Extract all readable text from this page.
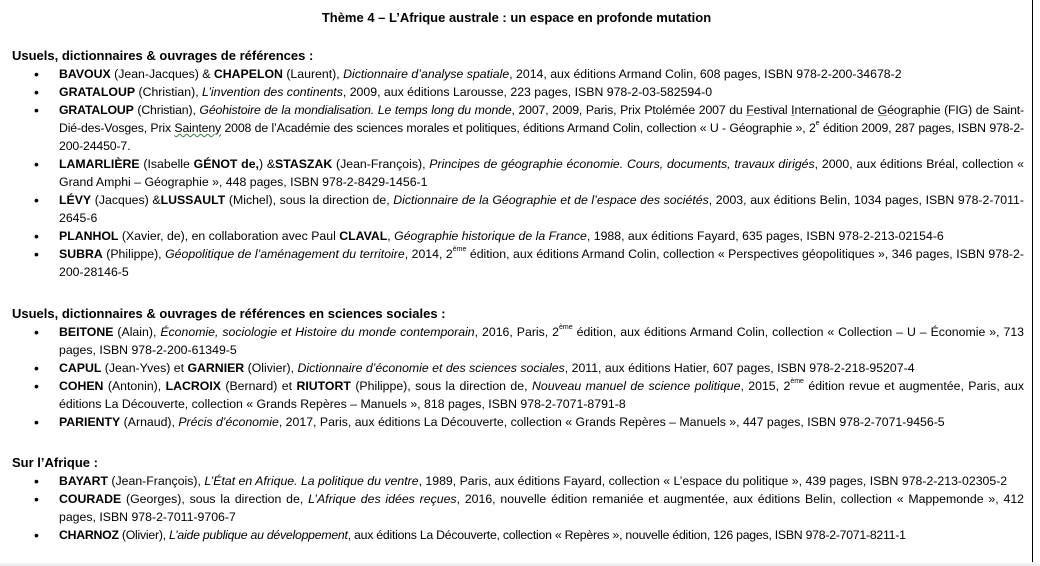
Thème 4 – L’Afrique australe : un espace en profonde mutation
Usuels, dictionnaires & ouvrages de références :
• BAVOUX (Jean-Jacques) & CHAPELON (Laurent), Dictionnaire d’analyse spatiale, 2014, aux éditions Armand Colin, 608 pages, ISBN 978-2-200-34678-2
• GRATALOUP (Christian), L’invention des continents, 2009, aux éditions Larousse, 223 pages, ISBN 978-2-03-582594-0
• GRATALOUP (Christian), Géohistoire de la mondialisation. Le temps long du monde, 2007, 2009, Paris, Prix Ptolémée 2007 du Festival International de Géographie (FIG) de Saint-Dié-des-Vosges, Prix Sainteny 2008 de l’Académie des sciences morales et politiques, éditions Armand Colin, collection « U - Géographie », 2e édition 2009, 287 pages, ISBN 978-2-200-24450-7.
• LAMARLIÈRE (Isabelle GÉNOT de,) &STASZAK (Jean-François), Principes de géographie économie. Cours, documents, travaux dirigés, 2000, aux éditions Bréal, collection « Grand Amphi – Géographie », 448 pages, ISBN 978-2-8429-1456-1
• LÉVY (Jacques) &LUSSAULT (Michel), sous la direction de, Dictionnaire de la Géographie et de l’espace des sociétés, 2003, aux éditions Belin, 1034 pages, ISBN 978-2-7011-2645-6
• PLANHOL (Xavier, de), en collaboration avec Paul CLAVAL, Géographie historique de la France, 1988, aux éditions Fayard, 635 pages, ISBN 978-2-213-02154-6
• SUBRA (Philippe), Géopolitique de l’aménagement du territoire, 2014, 2ème édition, aux éditions Armand Colin, collection « Perspectives géopolitiques », 346 pages, ISBN 978-2-200-28146-5
Usuels, dictionnaires & ouvrages de références en sciences sociales :
• BEITONE (Alain), Économie, sociologie et Histoire du monde contemporain, 2016, Paris, 2ème édition, aux éditions Armand Colin, collection « Collection – U – Économie », 713 pages, ISBN 978-2-200-61349-5
• CAPUL (Jean-Yves) et GARNIER (Olivier), Dictionnaire d’économie et des sciences sociales, 2011, aux éditions Hatier, 607 pages, ISBN 978-2-218-95207-4
• COHEN (Antonin), LACROIX (Bernard) et RIUTORT (Philippe), sous la direction de, Nouveau manuel de science politique, 2015, 2ème édition revue et augmentée, Paris, aux éditions La Découverte, collection « Grands Repères – Manuels », 818 pages, ISBN 978-2-7071-8791-8
• PARIENTY (Arnaud), Précis d’économie, 2017, Paris, aux éditions La Découverte, collection « Grands Repères – Manuels », 447 pages, ISBN 978-2-7071-9456-5
Sur l’Afrique :
• BAYART (Jean-François), L’État en Afrique. La politique du ventre, 1989, Paris, aux éditions Fayard, collection « L’espace du politique », 439 pages, ISBN 978-2-213-02305-2
• COURADE (Georges), sous la direction de, L’Afrique des idées reçues, 2016, nouvelle édition remaniée et augmentée, aux éditions Belin, collection « Mappemonde », 412 pages, ISBN 978-2-7011-9706-7
• CHARNOZ (Olivier), L’aide publique au développement, aux éditions La Découverte, collection « Repères », nouvelle édition, 126 pages, ISBN 978-2-7071-8211-1
